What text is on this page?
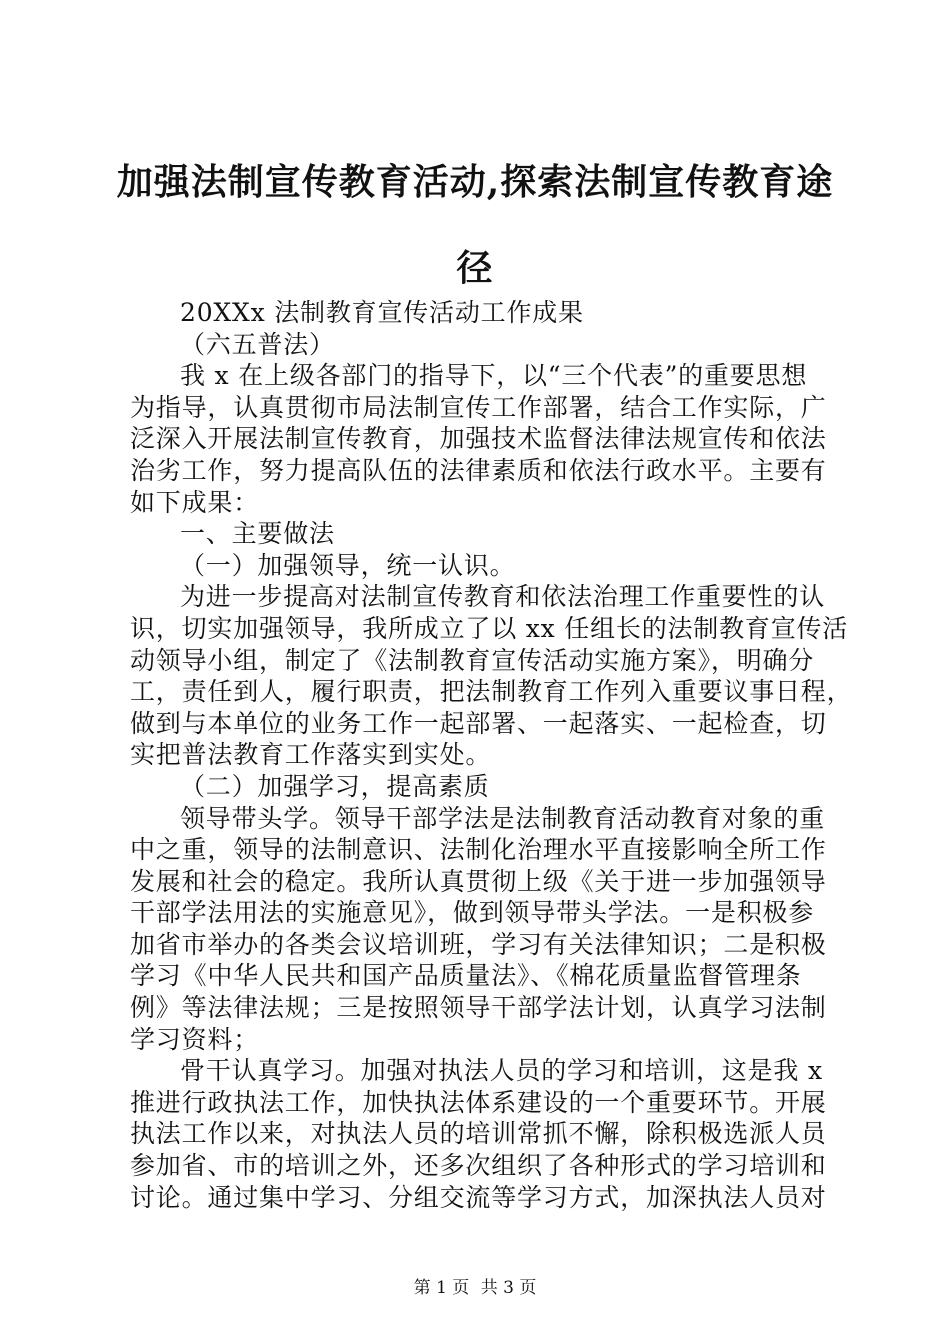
加强法制宣传教育活动,探索法制宣传教育途
径
20XXx 法制教育宣传活动工作成果
（六五普法）
我 x 在上级各部门的指导下，以“三个代表”的重要思想
为指导，认真贯彻市局法制宣传工作部署，结合工作实际，广
泛深入开展法制宣传教育，加强技术监督法律法规宣传和依法
治劣工作，努力提高队伍的法律素质和依法行政水平。主要有
如下成果：
一、主要做法
（一）加强领导，统一认识。
为进一步提高对法制宣传教育和依法治理工作重要性的认
识，切实加强领导，我所成立了以 xx 任组长的法制教育宣传活
动领导小组，制定了《法制教育宣传活动实施方案》，明确分
工，责任到人，履行职责，把法制教育工作列入重要议事日程，
做到与本单位的业务工作一起部署、一起落实、一起检查，切
实把普法教育工作落实到实处。
（二）加强学习，提高素质
领导带头学。领导干部学法是法制教育活动教育对象的重
中之重，领导的法制意识、法制化治理水平直接影响全所工作
发展和社会的稳定。我所认真贯彻上级《关于进一步加强领导
干部学法用法的实施意见》，做到领导带头学法。一是积极参
加省市举办的各类会议培训班，学习有关法律知识；二是积极
学习《中华人民共和国产品质量法》、《棉花质量监督管理条
例》等法律法规；三是按照领导干部学法计划，认真学习法制
学习资料；
骨干认真学习。加强对执法人员的学习和培训，这是我 x
推进行政执法工作，加快执法体系建设的一个重要环节。开展
执法工作以来，对执法人员的培训常抓不懈，除积极选派人员
参加省、市的培训之外，还多次组织了各种形式的学习培训和
讨论。通过集中学习、分组交流等学习方式，加深执法人员对
第 1 页 共 3 页
